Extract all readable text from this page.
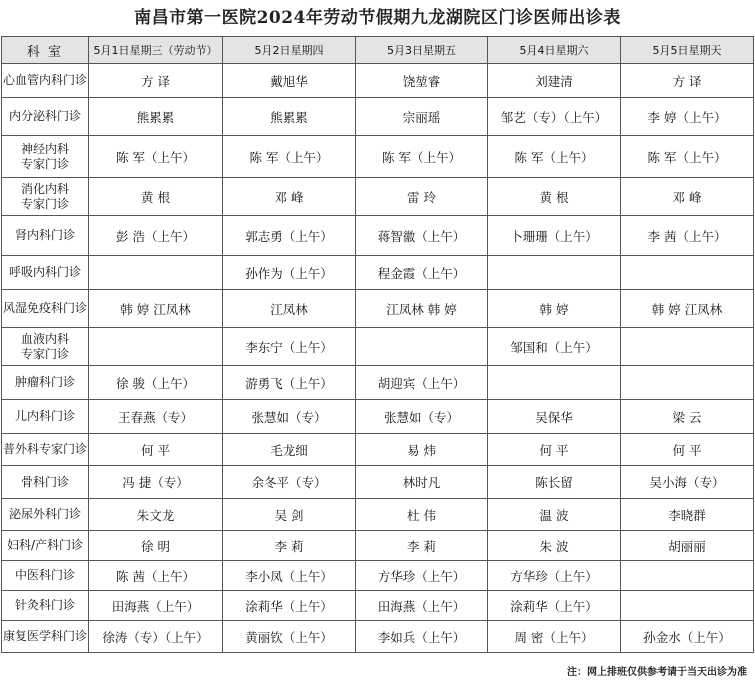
南昌市第一医院2024年劳动节假期九龙湖院区门诊医师出诊表
科 室	5月1日星期三（劳动节）	5月2日星期四	5月3日星期五	5月4日星期六	5月5日星期天

心血管内科门诊	方 译	戴旭华	饶堃睿	刘建清	方 译

内分泌科门诊	熊累累	熊累累	宗丽瑶	邹艺（专）（上午）	李 婷（上午）

神经内科
专家门诊	陈 军（上午）	陈 军（上午）	陈 军（上午）	陈 军（上午）	陈 军（上午）

消化内科
专家门诊	黄 根	邓 峰	雷 玲	黄 根	邓 峰

肾内科门诊	彭 浩（上午）	郭志勇（上午）	蒋智徽（上午）	卜珊珊（上午）	李 茜（上午）

呼吸内科门诊		孙作为（上午）	程金霞（上午）		

风湿免疫科门诊	韩 婷 江凤林	江凤林	江凤林 韩 婷	韩 婷	韩 婷 江凤林

血液内科
专家门诊		李东宁（上午）		邹国和（上午）	

肿瘤科门诊	徐 骏（上午）	游勇飞（上午）	胡迎宾（上午）		

儿内科门诊	王春燕（专）	张慧如（专）	张慧如（专）	吴保华	梁 云

普外科专家门诊	何 平	毛龙细	易 炜	何 平	何 平

骨科门诊	冯 捷（专）	余冬平（专）	林时凡	陈长留	吴小海（专）

泌尿外科门诊	朱文龙	吴 剑	杜 伟	温 波	李晓群

妇科/产科门诊	徐 明	李 莉	李 莉	朱 波	胡丽丽

中医科门诊	陈 茜（上午）	李小凤（上午）	方华珍（上午）	方华珍（上午）	

针灸科门诊	田海燕（上午）	涂莉华（上午）	田海燕（上午）	涂莉华（上午）	

康复医学科门诊	徐涛（专）（上午）	黄丽钦（上午）	李如兵（上午）	周 密（上午）	孙金水（上午）
注：网上排班仅供参考请于当天出诊为准
